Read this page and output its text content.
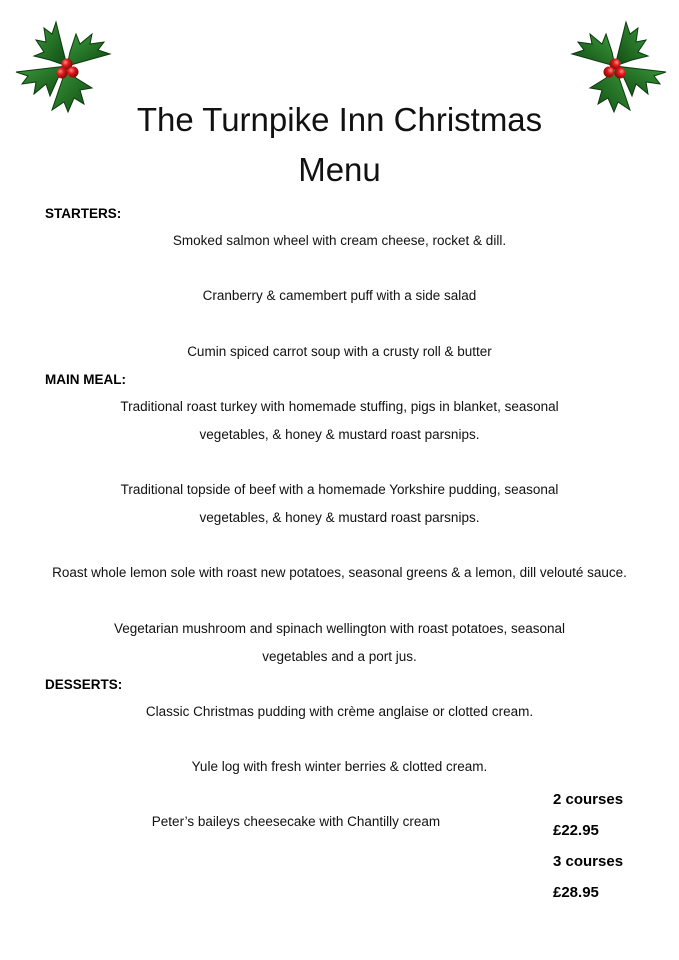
The Turnpike Inn Christmas
Menu

STARTERS:

Smoked salmon wheel with cream cheese, rocket & dill.

Cranberry & camembert puff with a side salad

Cumin spiced carrot soup with a crusty roll & butter

MAIN MEAL:

Traditional roast turkey with homemade stuffing, pigs in blanket, seasonal

vegetables, & honey & mustard roast parsnips.

Traditional topside of beef with a homemade Yorkshire pudding, seasonal

vegetables, & honey & mustard roast parsnips.

Roast whole lemon sole with roast new potatoes, seasonal greens & a lemon, dill velouté sauce.

Vegetarian mushroom and spinach wellington with roast potatoes, seasonal

vegetables and a port jus.

DESSERTS:

Classic Christmas pudding with crème anglaise or clotted cream.

Yule log with fresh winter berries & clotted cream.

Peter’s baileys cheesecake with Chantilly cream

2 courses

£22.95

3 courses

£28.95
